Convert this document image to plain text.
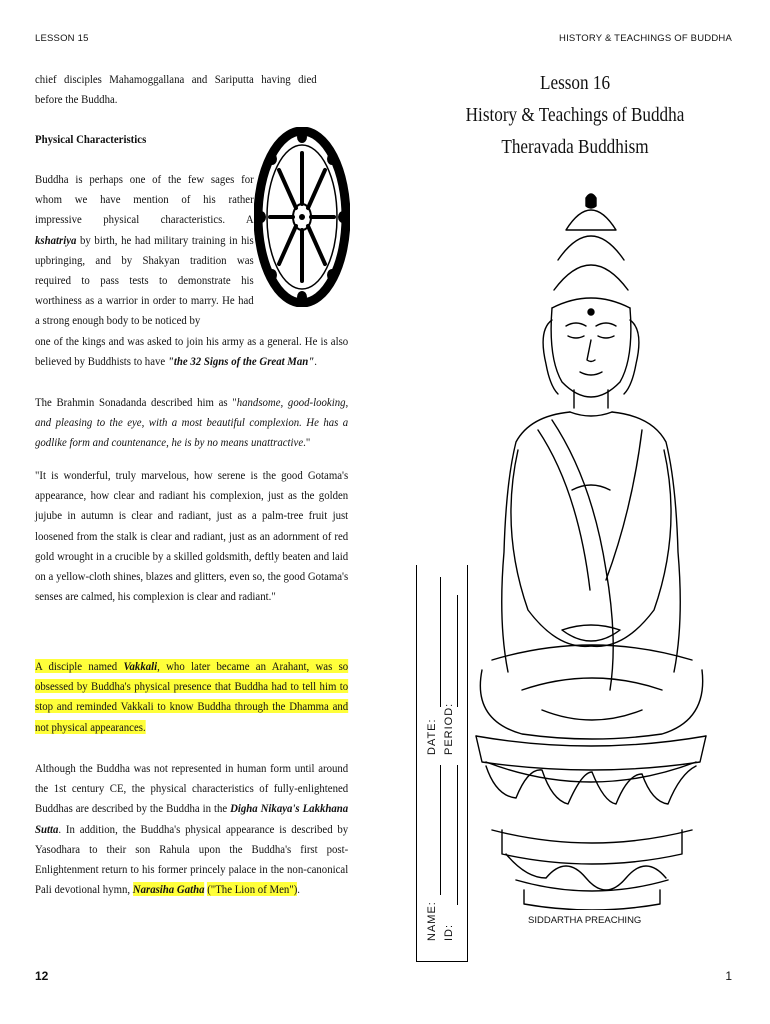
LESSON 15	HISTORY & TEACHINGS OF BUDDHA

chief disciples Mahamoggallana and Sariputta having died before the Buddha.

Physical Characteristics

Buddha is perhaps one of the few sages for

whom we have mention of his rather

impressive physical characteristics. A

kshatriya by birth, he had military training in his upbringing, and by Shakyan tradition was required to pass tests to demonstrate his worthiness as a warrior in order to marry. He had a strong enough body to be noticed by

one of the kings and was asked to join his army as a general. He is also believed by Buddhists to have "the 32 Signs of the Great Man".

The Brahmin Sonadanda described him as "handsome, good-looking, and pleasing to the eye, with a most beautiful complexion. He has a godlike form and countenance, he is by no means unattractive."

"It is wonderful, truly marvelous, how serene is the good Gotama's appearance, how clear and radiant his complexion, just as the golden jujube in autumn is clear and radiant, just as a palm-tree fruit just loosened from the stalk is clear and radiant, just as an adornment of red gold wrought in a crucible by a skilled goldsmith, deftly beaten and laid on a yellow-cloth shines, blazes and glitters, even so, the good Gotama's senses are calmed, his complexion is clear and radiant."

A disciple named Vakkali, who later became an Arahant, was so obsessed by Buddha's physical presence that Buddha had to tell him to stop and reminded Vakkali to know Buddha through the Dhamma and not physical appearances.

Although the Buddha was not represented in human form until around the 1st century CE, the physical characteristics of fully-enlightened Buddhas are described by the Buddha in the Digha Nikaya's Lakkhana Sutta. In addition, the Buddha's physical appearance is described by Yasodhara to their son Rahula upon the Buddha's first post-Enlightenment return to his former princely palace in the non-canonical Pali devotional hymn, Narasiha Gatha ("The Lion of Men").

12
Lesson 16
History & Teachings of Buddha
Theravada Buddhism
DATE: PERIOD:
NAME: ID:
SIDDARTHA PREACHING
1
